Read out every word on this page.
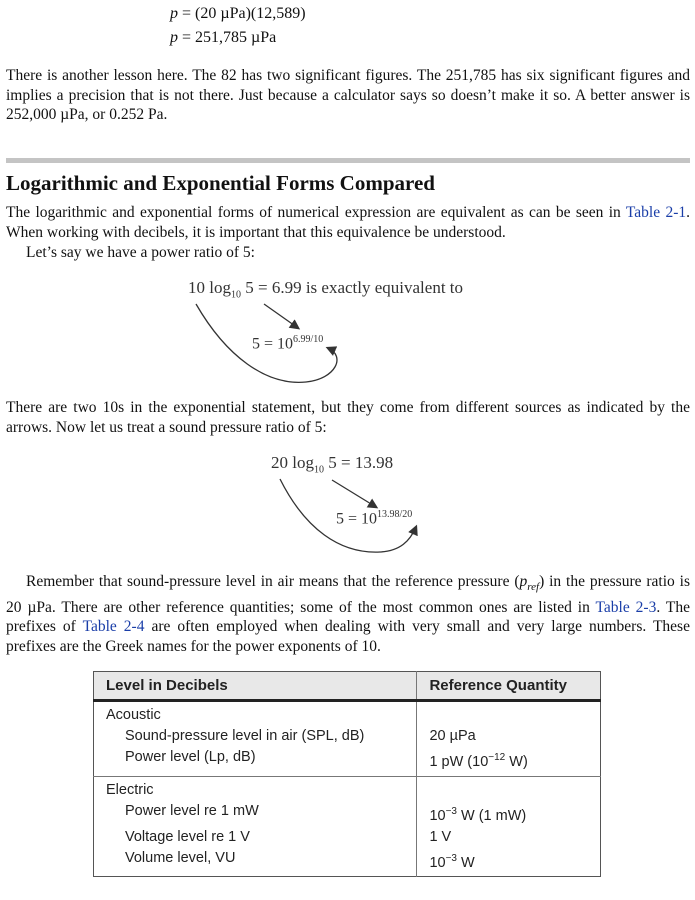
p = (20 µPa)(12,589)
p = 251,785 µPa

There is another lesson here. The 82 has two significant figures. The 251,785 has six significant figures and implies a precision that is not there. Just because a calculator says so doesn’t make it so. A better answer is 252,000 µPa, or 0.252 Pa.

Logarithmic and Exponential Forms Compared

The logarithmic and exponential forms of numerical expression are equivalent as can be seen in Table 2-1. When working with decibels, it is important that this equivalence be understood.

Let’s say we have a power ratio of 5:

10 $\log_{10} 5 = 6.99$ is exactly equivalent to
$5 = 10^{6.99/10}$

There are two 10s in the exponential statement, but they come from different sources as indicated by the arrows. Now let us treat a sound pressure ratio of 5:

20 $\log_{10} 5 = 13.98$
$5 = 10^{13.98/20}$

Remember that sound-pressure level in air means that the reference pressure $(p_{ref})$ in the pressure ratio is 20 µPa. There are other reference quantities; some of the most common ones are listed in Table 2-3. The prefixes of Table 2-4 are often employed when dealing with very small and very large numbers. These prefixes are the Greek names for the power exponents of 10.

Level in Decibels	Reference Quantity
Acoustic	
Sound-pressure level in air (SPL, dB)	20 µPa
Power level (Lp, dB)	1 pW ($10^{-12}$ W)
Electric	
Power level re 1 mW	$10^{-3}$ W (1 mW)
Voltage level re 1 V	1 V
Volume level, VU	$10^{-3}$ W
